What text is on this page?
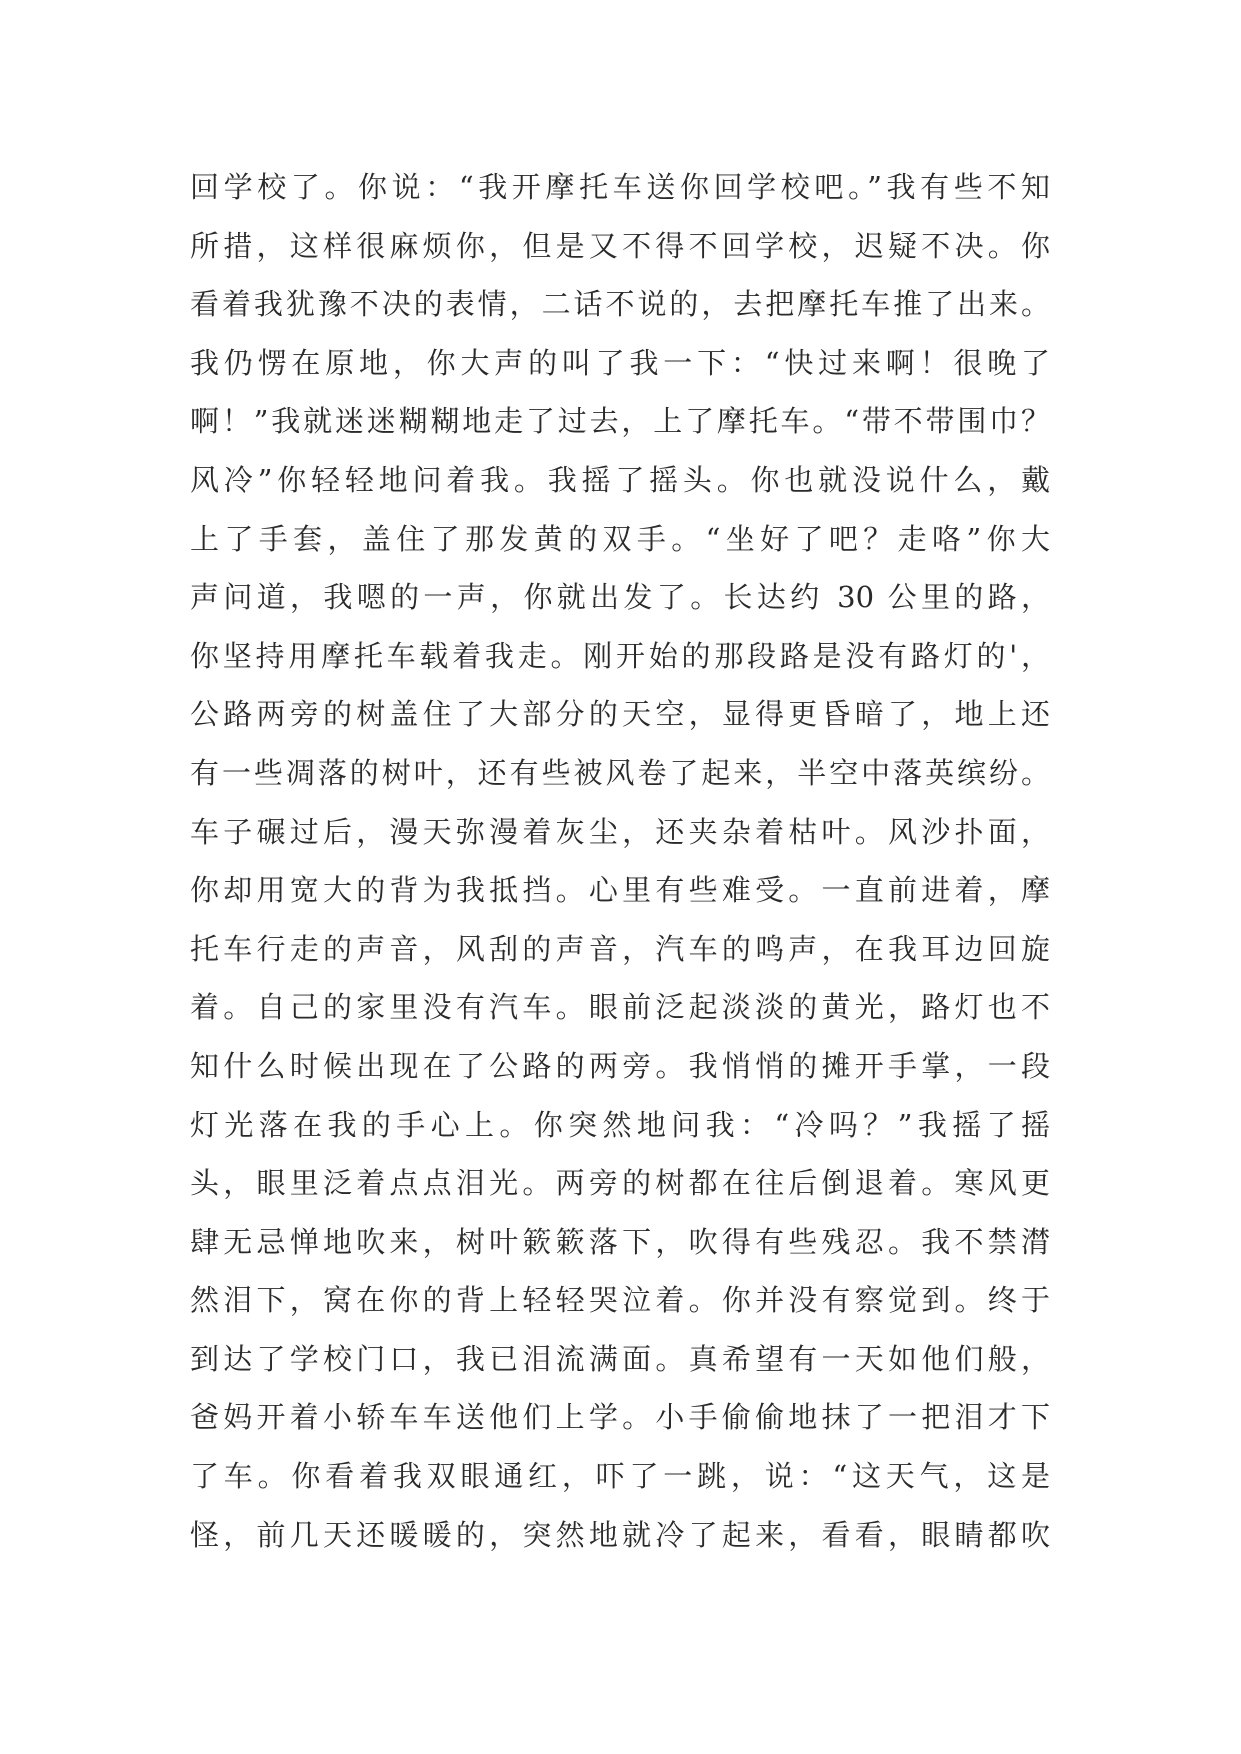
回学校了。你说：“我开摩托车送你回学校吧。”我有些不知
所措，这样很麻烦你，但是又不得不回学校，迟疑不决。你
看着我犹豫不决的表情，二话不说的，去把摩托车推了出来。
我仍愣在原地，你大声的叫了我一下：“快过来啊！很晚了
啊！”我就迷迷糊糊地走了过去，上了摩托车。“带不带围巾？
风冷”你轻轻地问着我。我摇了摇头。你也就没说什么，戴
上了手套，盖住了那发黄的双手。“坐好了吧？走咯”你大
声问道，我嗯的一声，你就出发了。长达约 30 公里的路，
你坚持用摩托车载着我走。刚开始的那段路是没有路灯的'，
公路两旁的树盖住了大部分的天空，显得更昏暗了，地上还
有一些凋落的树叶，还有些被风卷了起来，半空中落英缤纷。
车子碾过后，漫天弥漫着灰尘，还夹杂着枯叶。风沙扑面，
你却用宽大的背为我抵挡。心里有些难受。一直前进着，摩
托车行走的声音，风刮的声音，汽车的鸣声，在我耳边回旋
着。自己的家里没有汽车。眼前泛起淡淡的黄光，路灯也不
知什么时候出现在了公路的两旁。我悄悄的摊开手掌，一段
灯光落在我的手心上。你突然地问我：“冷吗？”我摇了摇
头，眼里泛着点点泪光。两旁的树都在往后倒退着。寒风更
肆无忌惮地吹来，树叶簌簌落下，吹得有些残忍。我不禁潸
然泪下，窝在你的背上轻轻哭泣着。你并没有察觉到。终于
到达了学校门口，我已泪流满面。真希望有一天如他们般，
爸妈开着小轿车车送他们上学。小手偷偷地抹了一把泪才下
了车。你看着我双眼通红，吓了一跳，说：“这天气，这是
怪，前几天还暖暖的，突然地就冷了起来，看看，眼睛都吹
